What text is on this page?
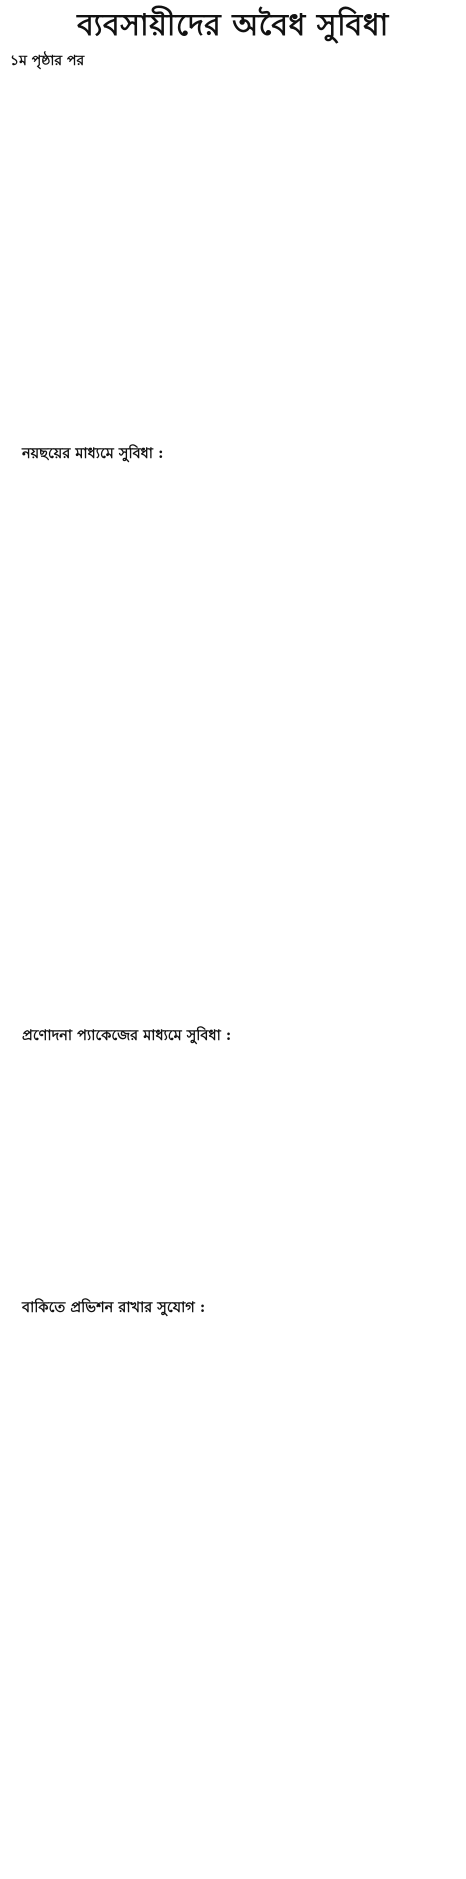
ব্যবসায়ীদের অবৈধ সুবিধা
১ম পৃষ্ঠার পর

নয়ছয়ের মাধ্যমে সুবিধা :

প্রণোদনা প্যাকেজের মাধ্যমে সুবিধা :

বাকিতে প্রভিশন রাখার সুযোগ :
